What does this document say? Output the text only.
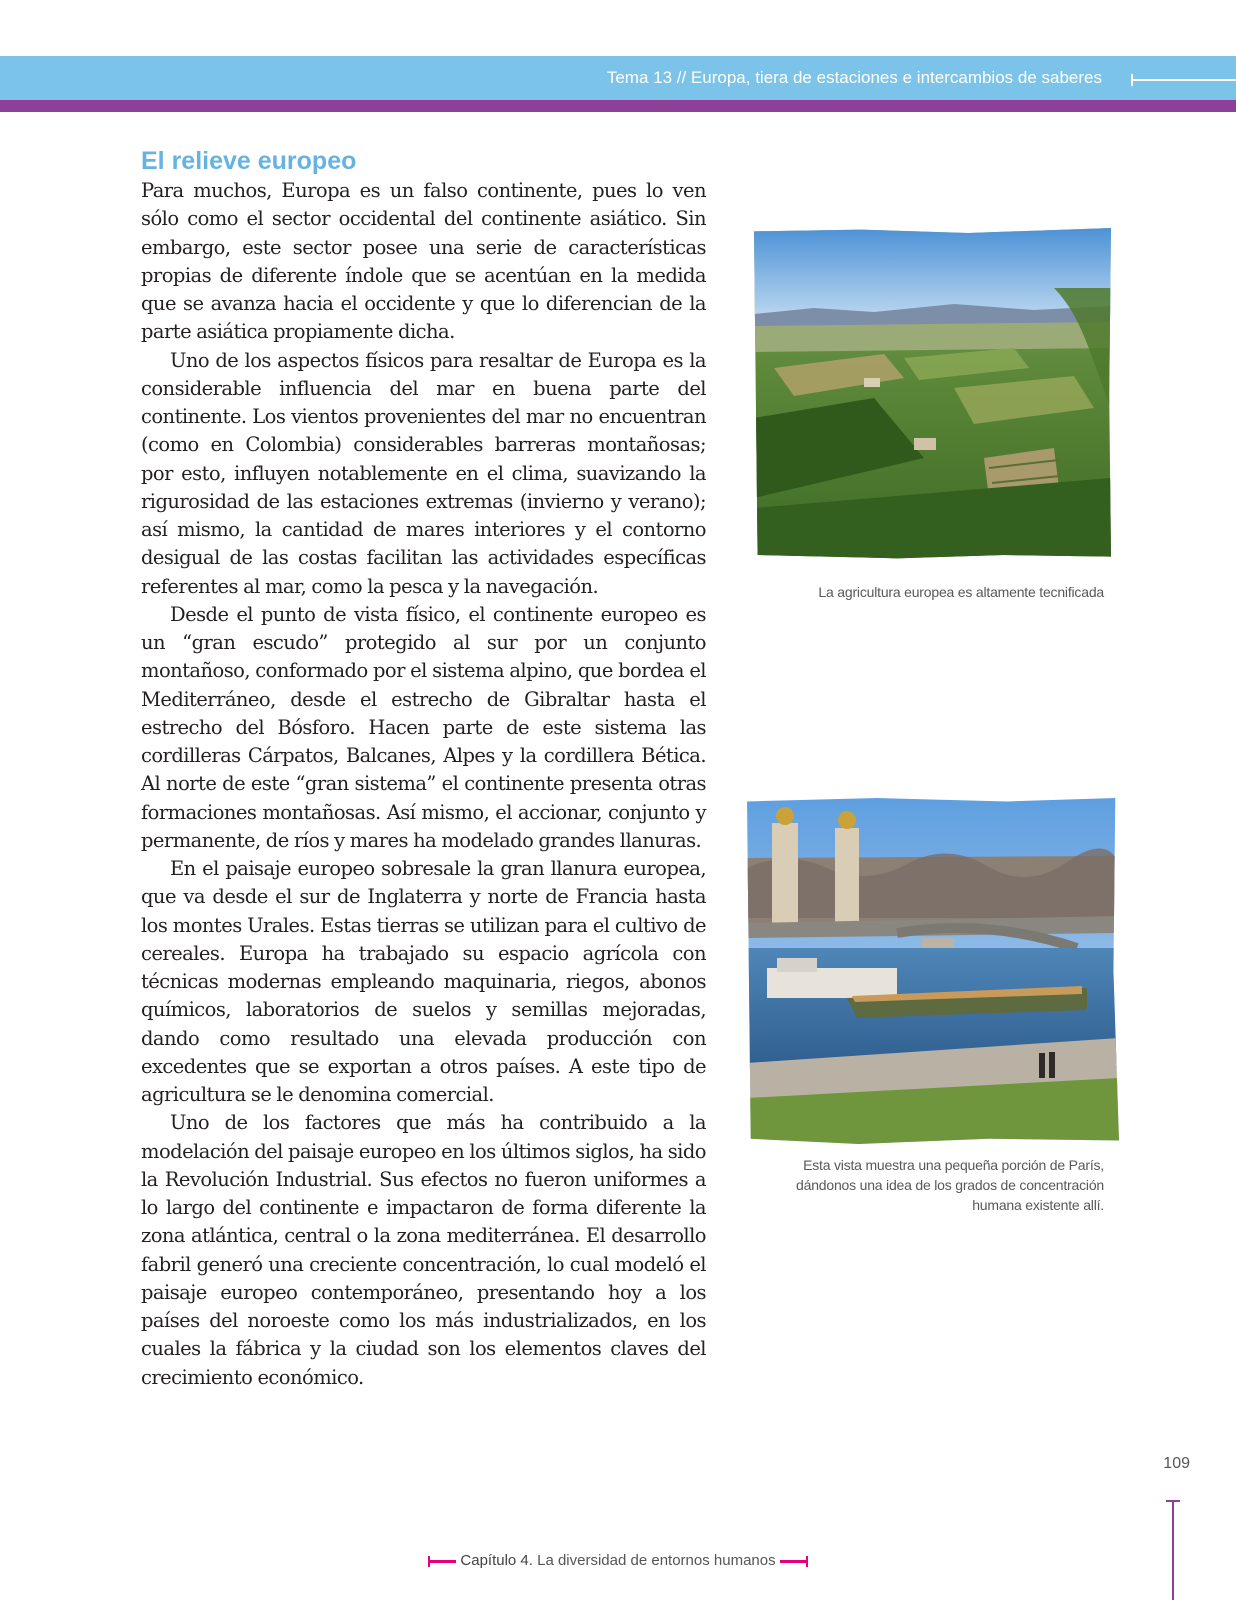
Tema 13 // Europa, tiera de estaciones e intercambios de saberes
El relieve europeo

Para muchos, Europa es un falso continente, pues lo ven sólo como el sector occidental del continente asiático. Sin embargo, este sector posee una serie de características propias de diferente índole que se acentúan en la medida que se avanza hacia el occidente y que lo diferencian de la parte asiática propiamente dicha.

Uno de los aspectos físicos para resaltar de Europa es la considerable influencia del mar en buena parte del continente. Los vientos provenientes del mar no encuentran (como en Colombia) considerables barreras montañosas; por esto, influyen notablemente en el clima, suavizando la rigurosidad de las estaciones extremas (invierno y verano); así mismo, la cantidad de mares interiores y el contorno desigual de las costas facilitan las actividades específicas referentes al mar, como la pesca y la navegación.

Desde el punto de vista físico, el continente europeo es un “gran escudo” protegido al sur por un conjunto montañoso, conformado por el sistema alpino, que bordea el Mediterráneo, desde el estrecho de Gibraltar hasta el estrecho del Bósforo. Hacen parte de este sistema las cordilleras Cárpatos, Balcanes, Alpes y la cordillera Bética. Al norte de este “gran sistema” el continente presenta otras formaciones montañosas. Así mismo, el accionar, conjunto y permanente, de ríos y mares ha modelado grandes llanuras.

En el paisaje europeo sobresale la gran llanura europea, que va desde el sur de Inglaterra y norte de Francia hasta los montes Urales. Estas tierras se utilizan para el cultivo de cereales. Europa ha trabajado su espacio agrícola con técnicas modernas empleando maquinaria, riegos, abonos químicos, laboratorios de suelos y semillas mejoradas, dando como resultado una elevada producción con excedentes que se exportan a otros países. A este tipo de agricultura se le denomina comercial.

Uno de los factores que más ha contribuido a la modelación del paisaje europeo en los últimos siglos, ha sido la Revolución Industrial. Sus efectos no fueron uniformes a lo largo del continente e impactaron de forma diferente la zona atlántica, central o la zona mediterránea. El desarrollo fabril generó una creciente concentración, lo cual modeló el paisaje europeo contemporáneo, presentando hoy a los países del noroeste como los más industrializados, en los cuales la fábrica y la ciudad son los elementos claves del crecimiento económico.

La agricultura europea es altamente tecnificada
Esta vista muestra una pequeña porción de París, dándonos una idea de los grados de concentración humana existente allí.
109
Capítulo 4. La diversidad de entornos humanos
